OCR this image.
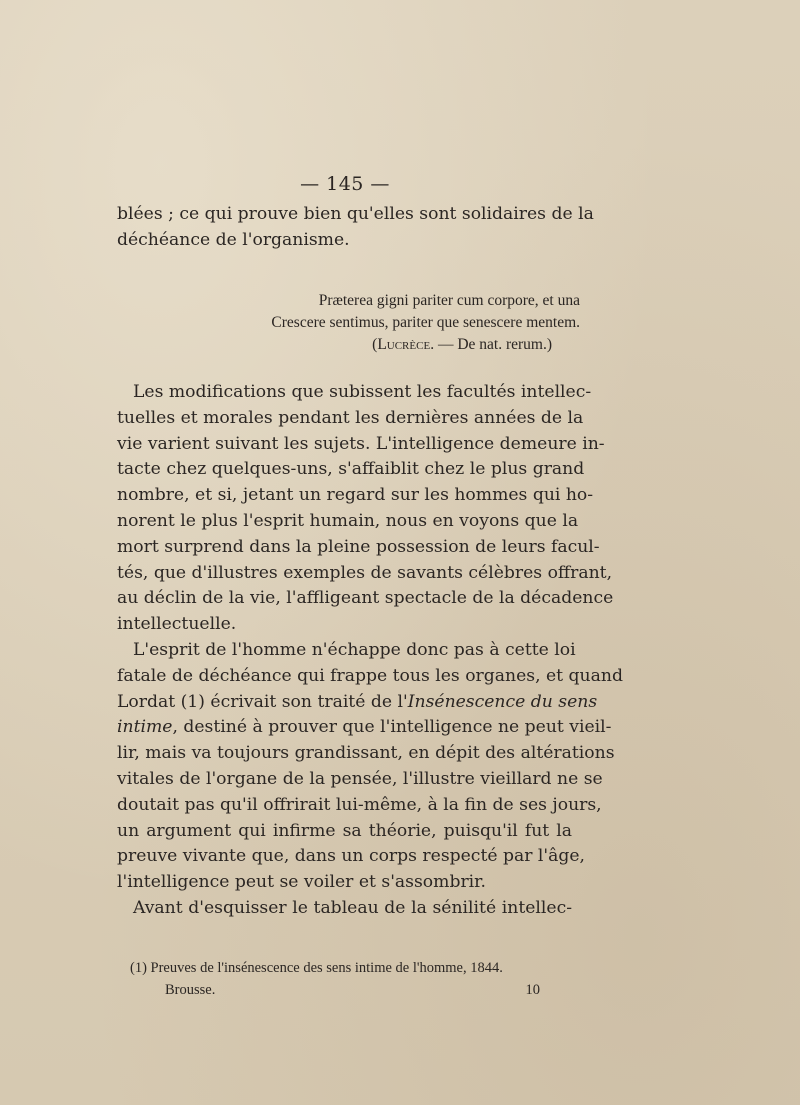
— 145 —
blées ; ce qui prouve bien qu'elles sont solidaires de la
déchéance de l'organisme.
Præterea gigni pariter cum corpore, et una
Crescere sentimus, pariter que senescere mentem.
(Lucrèce. — De nat. rerum.)
Les modifications que subissent les facultés intellec-
tuelles et morales pendant les dernières années de la
vie varient suivant les sujets. L'intelligence demeure in-
tacte chez quelques-uns, s'affaiblit chez le plus grand
nombre, et si, jetant un regard sur les hommes qui ho-
norent le plus l'esprit humain, nous en voyons que la
mort surprend dans la pleine possession de leurs facul-
tés, que d'illustres exemples de savants célèbres offrant,
au déclin de la vie, l'affligeant spectacle de la décadence
intellectuelle.
L'esprit de l'homme n'échappe donc pas à cette loi
fatale de déchéance qui frappe tous les organes, et quand
Lordat (1) écrivait son traité de l'Insénescence du sens
intime, destiné à prouver que l'intelligence ne peut vieil-
lir, mais va toujours grandissant, en dépit des altérations
vitales de l'organe de la pensée, l'illustre vieillard ne se
doutait pas qu'il offrirait lui-même, à la fin de ses jours,
un argument qui infirme sa théorie, puisqu'il fut la
preuve vivante que, dans un corps respecté par l'âge,
l'intelligence peut se voiler et s'assombrir.
Avant d'esquisser le tableau de la sénilité intellec-
(1) Preuves de l'insénescence des sens intime de l'homme, 1844.
Brousse.	10
